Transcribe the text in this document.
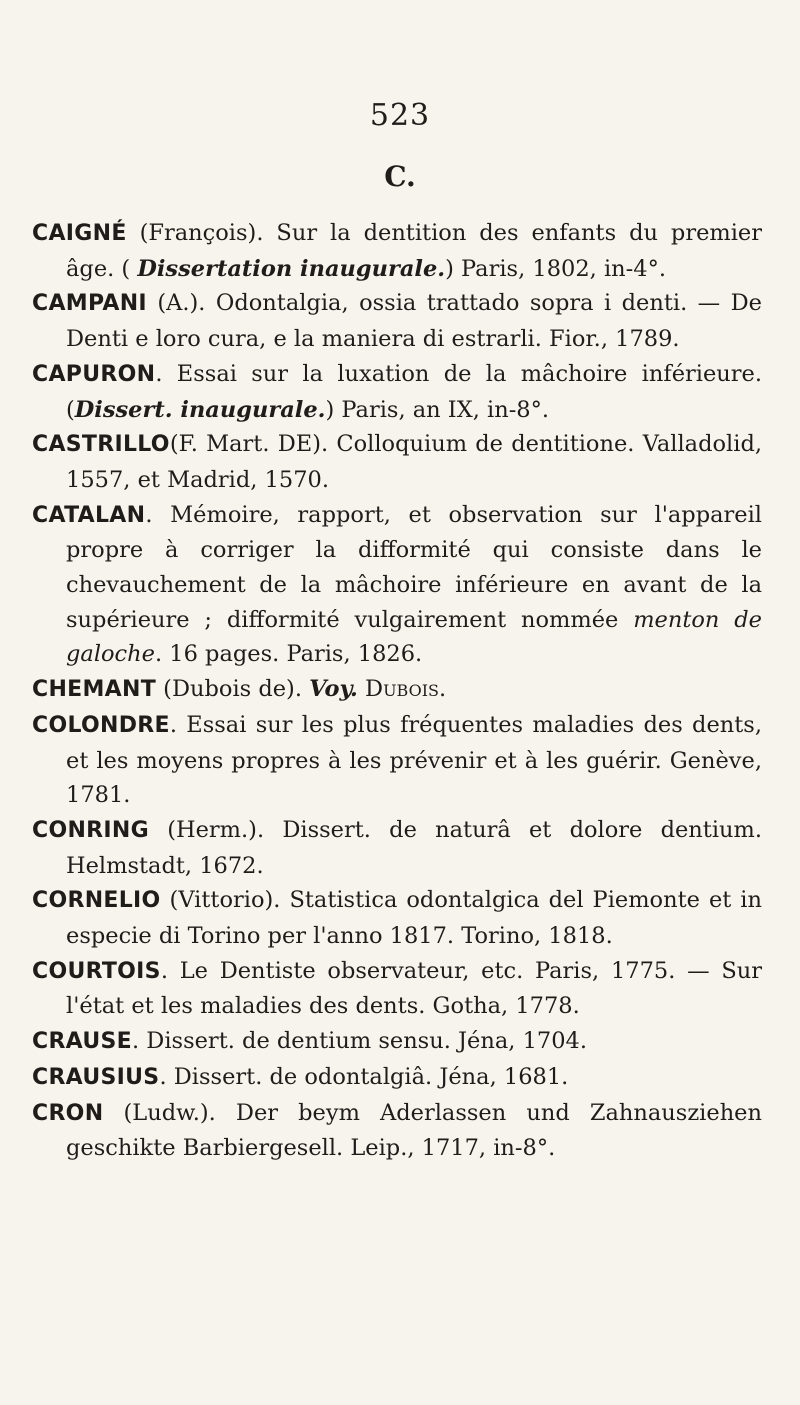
523
C.

CAIGNÉ (François). Sur la dentition des enfants du premier âge. ( Dissertation inaugurale.) Paris, 1802, in-4°.

CAMPANI (A.). Odontalgia, ossia trattado sopra i denti. — De Denti e loro cura, e la maniera di estrarli. Fior., 1789.

CAPURON. Essai sur la luxation de la mâchoire inférieure. (Dissert. inaugurale.) Paris, an IX, in-8°.

CASTRILLO(F. Mart. DE). Colloquium de dentitione. Valladolid, 1557, et Madrid, 1570.

CATALAN. Mémoire, rapport, et observation sur l'appareil propre à corriger la difformité qui consiste dans le chevauchement de la mâchoire inférieure en avant de la supérieure ; difformité vulgairement nommée menton de galoche. 16 pages. Paris, 1826.

CHEMANT (Dubois de). Voy. Dubois.

COLONDRE. Essai sur les plus fréquentes maladies des dents, et les moyens propres à les prévenir et à les guérir. Genève, 1781.

CONRING (Herm.). Dissert. de naturâ et dolore dentium. Helmstadt, 1672.

CORNELIO (Vittorio). Statistica odontalgica del Piemonte et in especie di Torino per l'anno 1817. Torino, 1818.

COURTOIS. Le Dentiste observateur, etc. Paris, 1775. — Sur l'état et les maladies des dents. Gotha, 1778.

CRAUSE. Dissert. de dentium sensu. Jéna, 1704.

CRAUSIUS. Dissert. de odontalgiâ. Jéna, 1681.

CRON (Ludw.). Der beym Aderlassen und Zahnausziehen geschikte Barbiergesell. Leip., 1717, in-8°.
